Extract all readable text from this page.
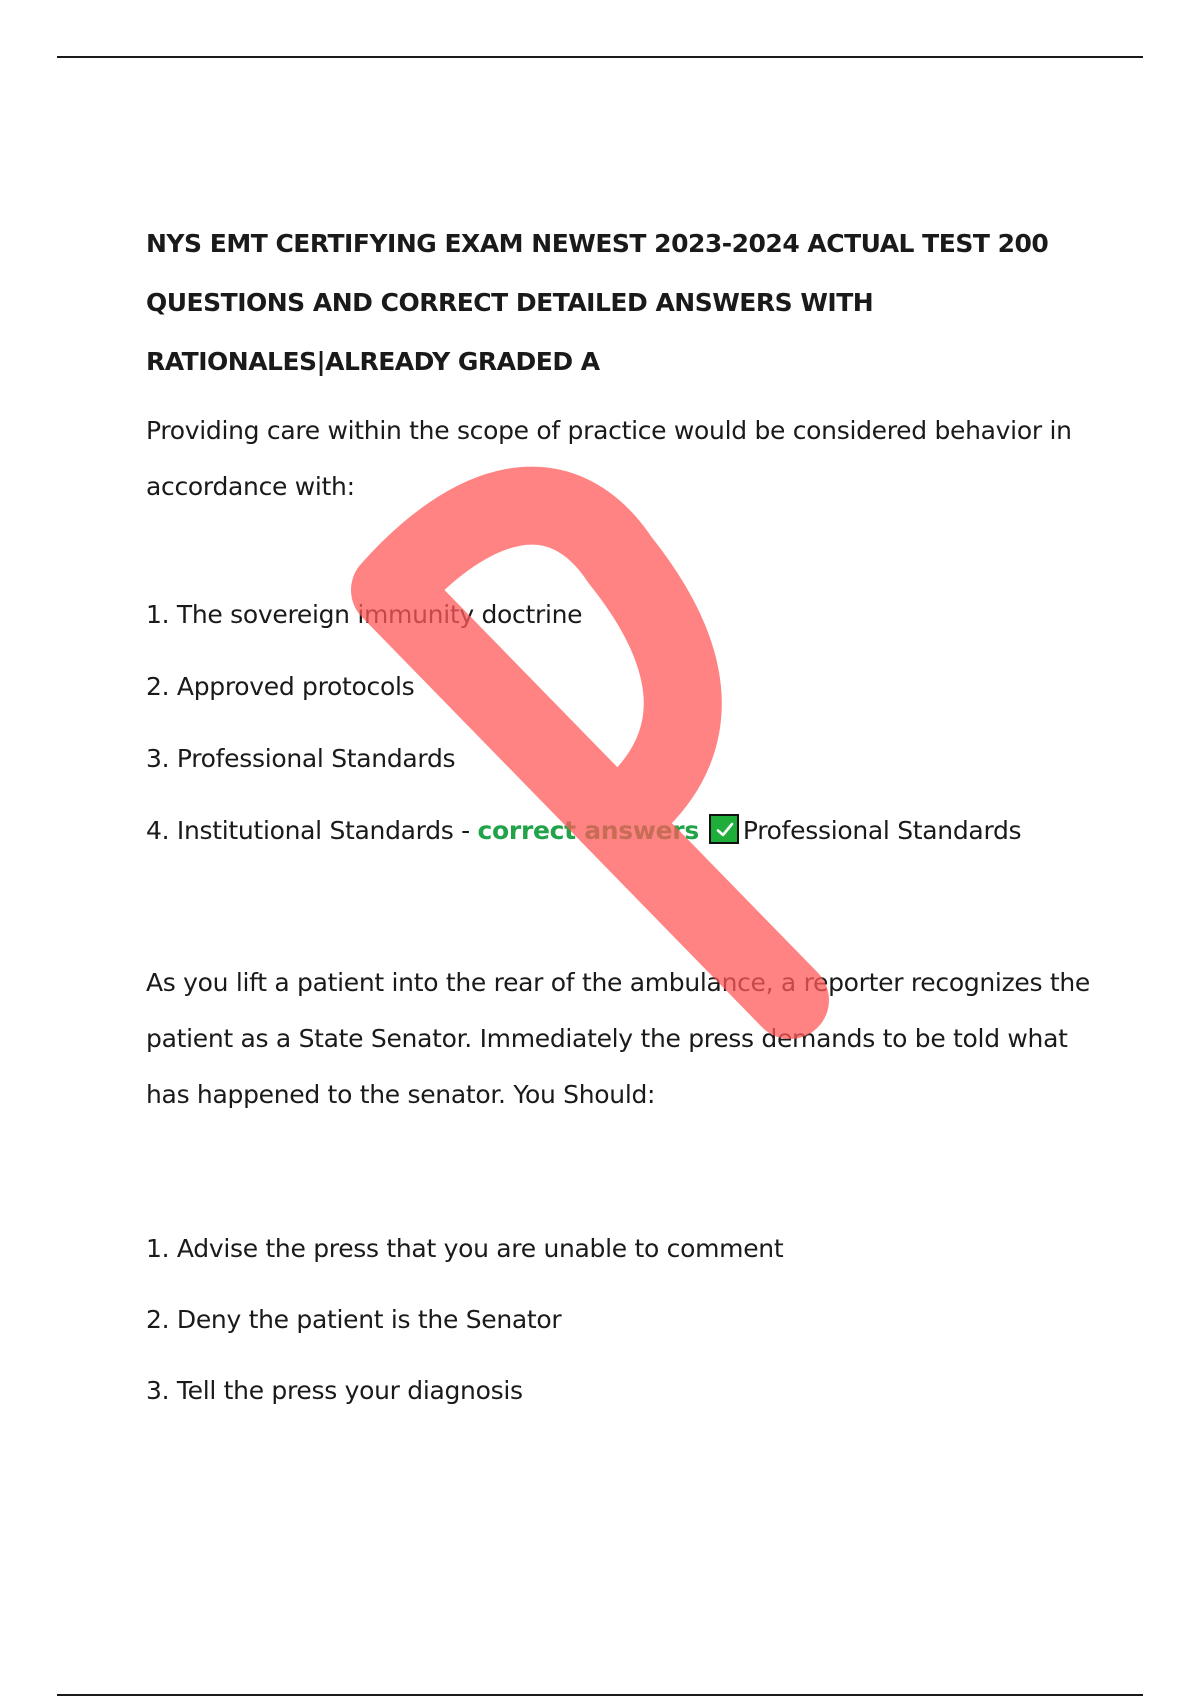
NYS EMT CERTIFYING EXAM NEWEST 2023-2024 ACTUAL TEST 200
QUESTIONS AND CORRECT DETAILED ANSWERS WITH
RATIONALES|ALREADY GRADED A

Providing care within the scope of practice would be considered behavior in
accordance with:

1. The sovereign immunity doctrine
2. Approved protocols
3. Professional Standards
4. Institutional Standards - correct answers Professional Standards

As you lift a patient into the rear of the ambulance, a reporter recognizes the
patient as a State Senator. Immediately the press demands to be told what
has happened to the senator. You Should:

1. Advise the press that you are unable to comment
2. Deny the patient is the Senator
3. Tell the press your diagnosis
